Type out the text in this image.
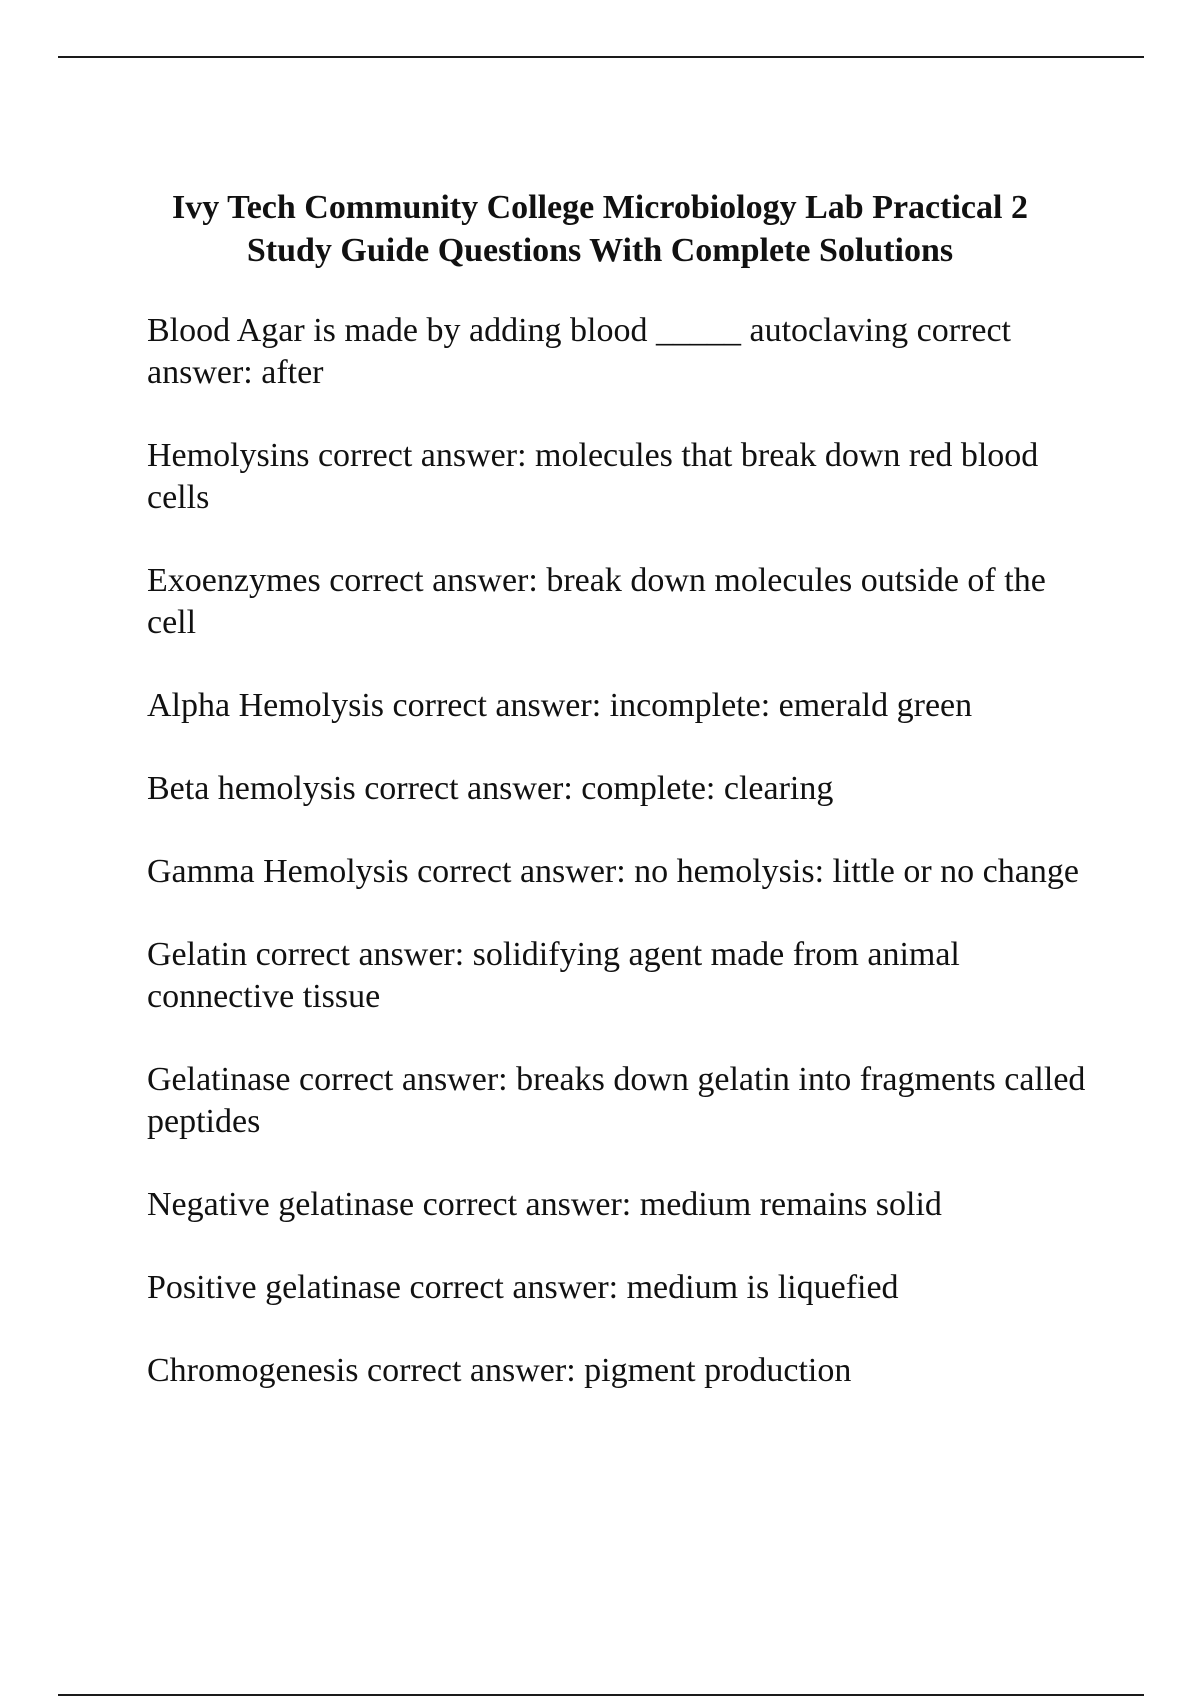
Ivy Tech Community College Microbiology Lab Practical 2
Study Guide Questions With Complete Solutions
Blood Agar is made by adding blood _____ autoclaving correct answer: after
Hemolysins correct answer: molecules that break down red blood cells
Exoenzymes correct answer: break down molecules outside of the cell
Alpha Hemolysis correct answer: incomplete: emerald green
Beta hemolysis correct answer: complete: clearing
Gamma Hemolysis correct answer: no hemolysis: little or no change
Gelatin correct answer: solidifying agent made from animal connective tissue
Gelatinase correct answer: breaks down gelatin into fragments called peptides
Negative gelatinase correct answer: medium remains solid
Positive gelatinase correct answer: medium is liquefied
Chromogenesis correct answer: pigment production
